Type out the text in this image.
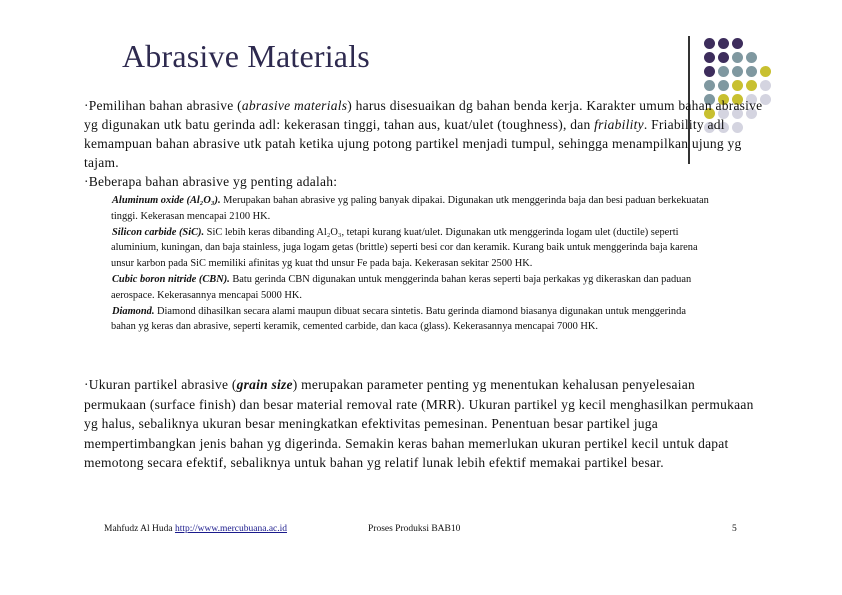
Abrasive Materials

·Pemilihan bahan abrasive (abrasive materials) harus disesuaikan dg bahan benda kerja. Karakter umum bahan abrasive yg digunakan utk batu gerinda adl: kekerasan tinggi, tahan aus, kuat/ulet (toughness), dan friability. Friability adl kemampuan bahan abrasive utk patah ketika ujung potong partikel menjadi tumpul, sehingga menampilkan ujung yg tajam.
·Beberapa bahan abrasive yg penting adalah:

Aluminum oxide (Al₂O₃). Merupakan bahan abrasive yg paling banyak dipakai. Digunakan utk menggerinda baja dan besi paduan berkekuatan tinggi. Kekerasan mencapai 2100 HK.
Silicon carbide (SiC). SiC lebih keras dibanding Al₂O₃, tetapi kurang kuat/ulet. Digunakan utk menggerinda logam ulet (ductile) seperti aluminium, kuningan, dan baja stainless, juga logam getas (brittle) seperti besi cor dan keramik. Kurang baik untuk menggerinda baja karena unsur karbon pada SiC memiliki afinitas yg kuat thd unsur Fe pada baja. Kekerasan sekitar 2500 HK.
Cubic boron nitride (CBN). Batu gerinda CBN digunakan untuk menggerinda bahan keras seperti baja perkakas yg dikeraskan dan paduan aerospace. Kekerasannya mencapai 5000 HK.
Diamond. Diamond dihasilkan secara alami maupun dibuat secara sintetis. Batu gerinda diamond biasanya digunakan untuk menggerinda bahan yg keras dan abrasive, seperti keramik, cemented carbide, dan kaca (glass). Kekerasannya mencapai 7000 HK.

·Ukuran partikel abrasive (grain size) merupakan parameter penting yg menentukan kehalusan penyelesaian permukaan (surface finish) dan besar material removal rate (MRR). Ukuran partikel yg kecil menghasilkan permukaan yg halus, sebaliknya ukuran besar meningkatkan efektivitas pemesinan. Penentuan besar partikel juga mempertimbangkan jenis bahan yg digerinda. Semakin keras bahan memerlukan ukuran pertikel kecil untuk dapat memotong secara efektif, sebaliknya untuk bahan yg relatif lunak lebih efektif memakai partikel besar.

Mahfudz Al Huda http://www.mercubuana.ac.id	Proses Produksi BAB10	5
